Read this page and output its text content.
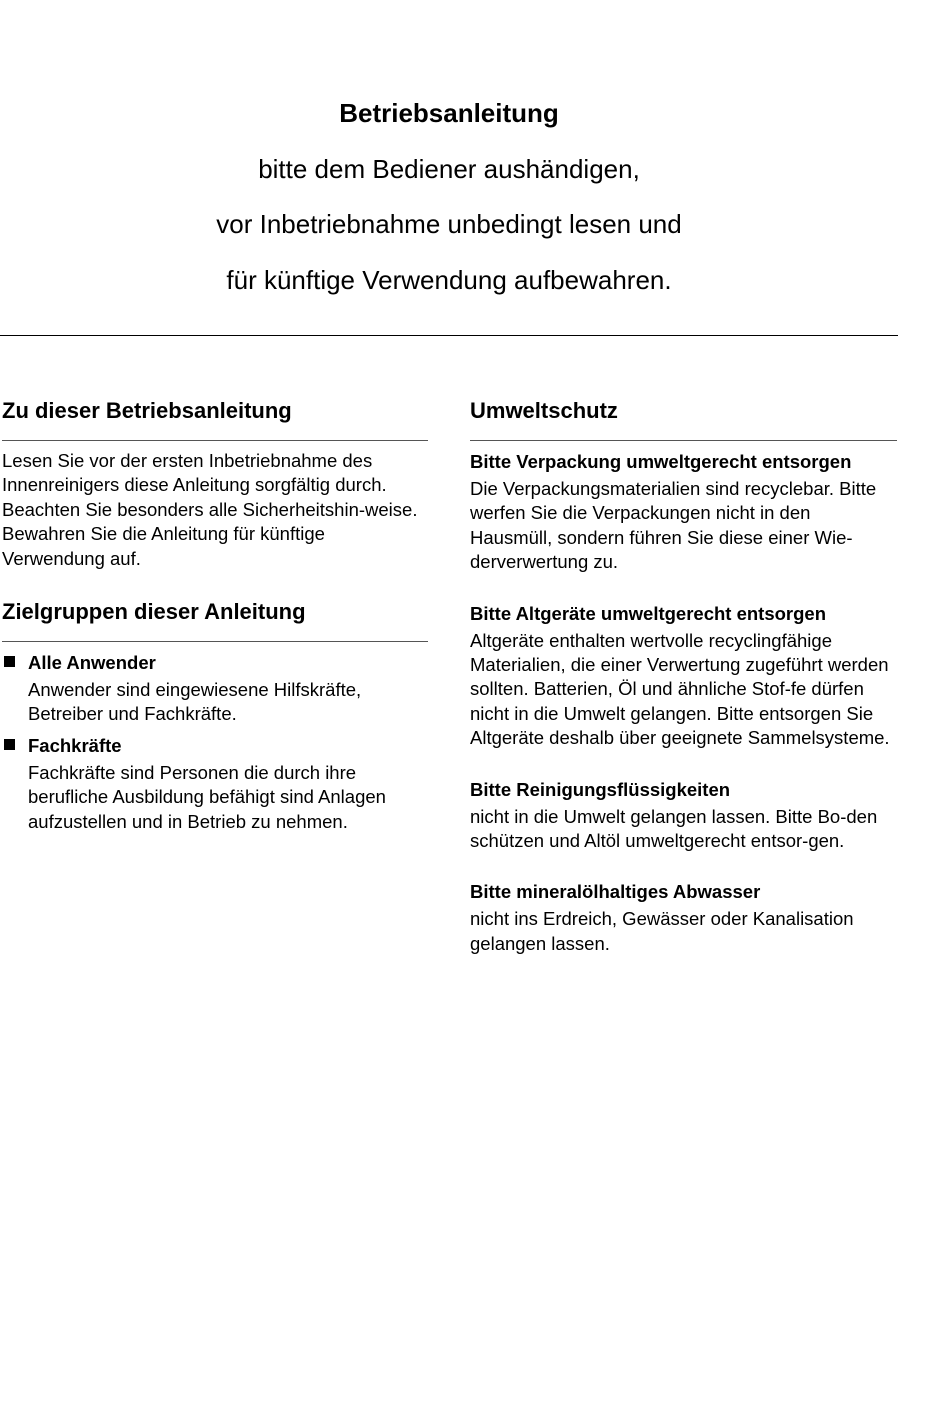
Betriebsanleitung
bitte dem Bediener aushändigen,
vor Inbetriebnahme unbedingt lesen und
für künftige Verwendung aufbewahren.
Zu dieser Betriebsanleitung

Lesen Sie vor der ersten Inbetriebnahme des Innenreinigers diese Anleitung sorgfältig durch. Beachten Sie besonders alle Sicherheitshin-weise. Bewahren Sie die Anleitung für künftige Verwendung auf.

Zielgruppen dieser Anleitung
Alle Anwender

Anwender sind eingewiesene Hilfskräfte, Betreiber und Fachkräfte.

Fachkräfte

Fachkräfte sind Personen die durch ihre berufliche Ausbildung befähigt sind Anlagen aufzustellen und in Betrieb zu nehmen.

Umweltschutz
Bitte Verpackung umweltgerecht entsorgen

Die Verpackungsmaterialien sind recyclebar. Bitte werfen Sie die Verpackungen nicht in den Hausmüll, sondern führen Sie diese einer Wie-derverwertung zu.

Bitte Altgeräte umweltgerecht entsorgen

Altgeräte enthalten wertvolle recyclingfähige Materialien, die einer Verwertung zugeführt werden sollten. Batterien, Öl und ähnliche Stof-fe dürfen nicht in die Umwelt gelangen. Bitte entsorgen Sie Altgeräte deshalb über geeignete Sammelsysteme.

Bitte Reinigungsflüssigkeiten

nicht in die Umwelt gelangen lassen. Bitte Bo-den schützen und Altöl umweltgerecht entsor-gen.

Bitte mineralölhaltiges Abwasser

nicht ins Erdreich, Gewässer oder Kanalisation gelangen lassen.
